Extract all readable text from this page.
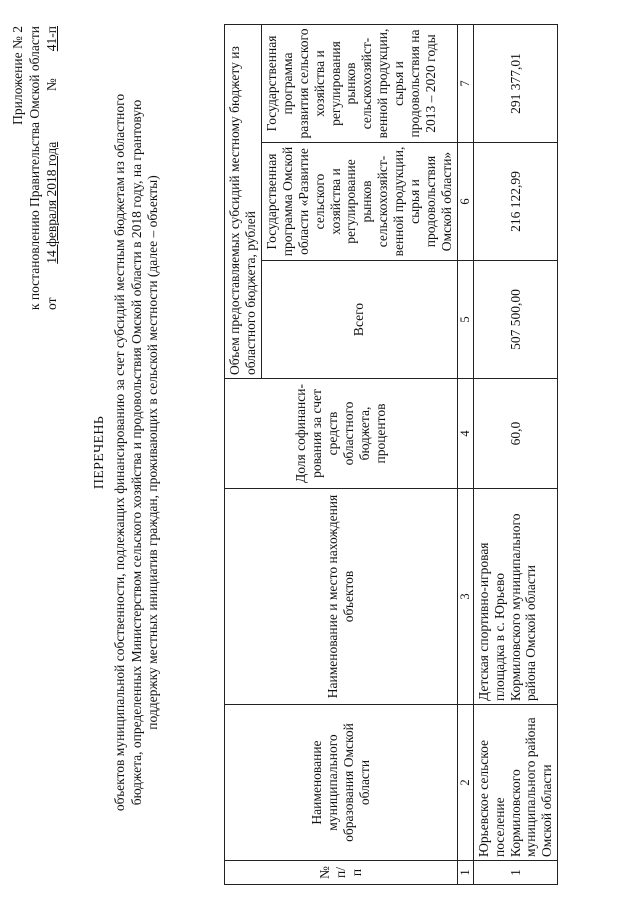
Приложение № 2 к постановлению Правительства Омской области от          14 февраля 2018 года               №        41-п
ПЕРЕЧЕНЬ объектов муниципальной собственности, подлежащих финансированию за счет субсидий местным бюджетам из областного бюджета, определенных Министерством сельского хозяйства и продовольствия Омской области в 2018 году, на грантовую поддержку местных инициатив граждан, проживающих в сельской местности (далее – объекты)
№ п/п	Наименование муниципального образования Омской области	Наименование и место нахождения объектов	Доля софинанси-рования за счет средств областного бюджета, процентов	Объем предоставляемых субсидий местному бюджету из областного бюджета, рублей		
				Всего	Государственная программа Омской области «Развитие сельского хозяйства и регулирование рынков сельскохозяйст-венной продукции, сырья и продовольствия Омской области»	Государственная программа развития сельского хозяйства и регулирования рынков сельскохозяйст-венной продукции, сырья и продовольствия на 2013 – 2020 годы
1	2	3	4	5	6	7
1	Юрьевское сельское поселение Кормиловского муниципального района Омской области	Детская спортивно-игровая площадка в с. Юрьево Кормиловского муниципального района Омской области	60,0	507 500,00	216 122,99	291 377,01
